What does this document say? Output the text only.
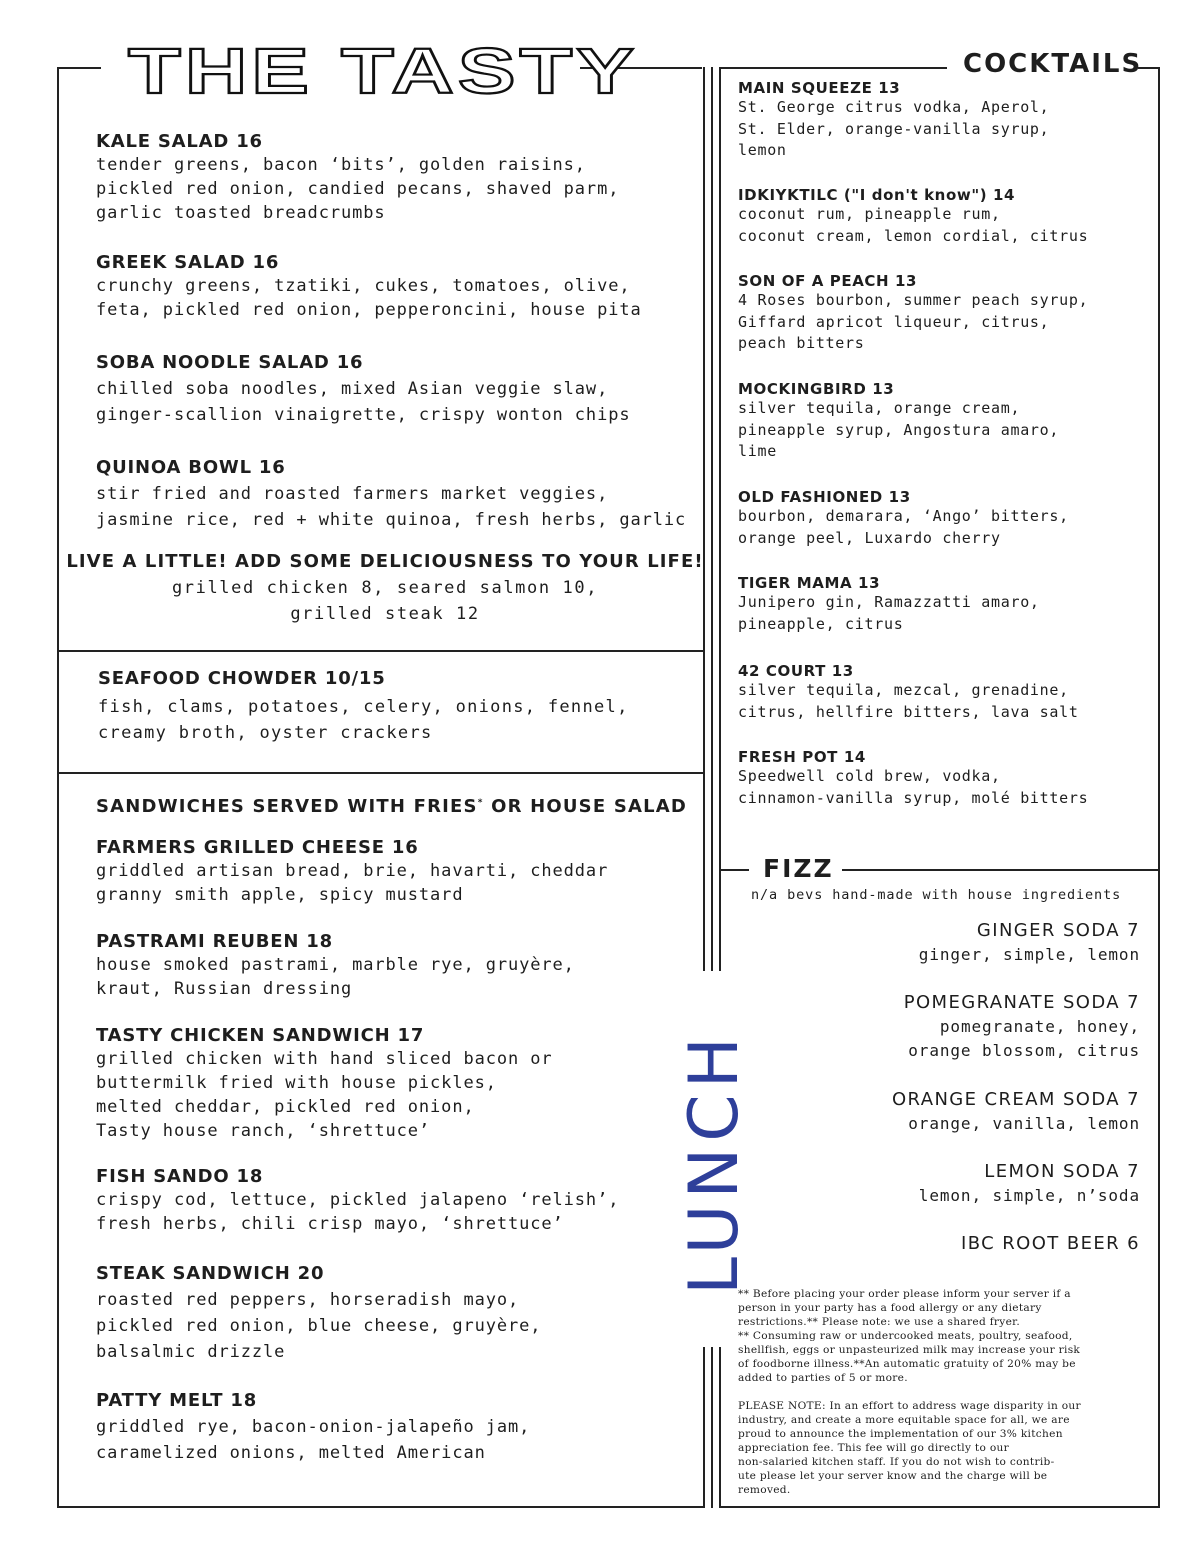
THE TASTY
KALE SALAD 16
tender greens, bacon ‘bits’, golden raisins,
pickled red onion, candied pecans, shaved parm,
garlic toasted breadcrumbs
GREEK SALAD 16
crunchy greens, tzatiki, cukes, tomatoes, olive,
feta, pickled red onion, pepperoncini, house pita
SOBA NOODLE SALAD 16
chilled soba noodles, mixed Asian veggie slaw,
ginger-scallion vinaigrette, crispy wonton chips
QUINOA BOWL 16
stir fried and roasted farmers market veggies,
jasmine rice, red + white quinoa, fresh herbs, garlic
LIVE A LITTLE! ADD SOME DELICIOUSNESS TO YOUR LIFE!
grilled chicken 8, seared salmon 10,
grilled steak 12
SEAFOOD CHOWDER 10/15
fish, clams, potatoes, celery, onions, fennel,
creamy broth, oyster crackers
SANDWICHES SERVED WITH FRIES* OR HOUSE SALAD
FARMERS GRILLED CHEESE 16
griddled artisan bread, brie, havarti, cheddar
granny smith apple, spicy mustard
PASTRAMI REUBEN 18
house smoked pastrami, marble rye, gruyère,
kraut, Russian dressing
TASTY CHICKEN SANDWICH 17
grilled chicken with hand sliced bacon or
buttermilk fried with house pickles,
melted cheddar, pickled red onion,
Tasty house ranch, ‘shrettuce’
FISH SANDO 18
crispy cod, lettuce, pickled jalapeno ‘relish’,
fresh herbs, chili crisp mayo, ‘shrettuce’
STEAK SANDWICH 20
roasted red peppers, horseradish mayo,
pickled red onion, blue cheese, gruyère,
balsalmic drizzle
PATTY MELT 18
griddled rye, bacon-onion-jalapeño jam,
caramelized onions, melted American
LUNCH
COCKTAILS
MAIN SQUEEZE 13
St. George citrus vodka, Aperol,
St. Elder, orange-vanilla syrup,
lemon
IDKIYKTILC ("I don't know") 14
coconut rum, pineapple rum,
coconut cream, lemon cordial, citrus
SON OF A PEACH 13
4 Roses bourbon, summer peach syrup,
Giffard apricot liqueur, citrus,
peach bitters
MOCKINGBIRD 13
silver tequila, orange cream,
pineapple syrup, Angostura amaro,
lime
OLD FASHIONED 13
bourbon, demarara, ‘Ango’ bitters,
orange peel, Luxardo cherry
TIGER MAMA 13
Junipero gin, Ramazzatti amaro,
pineapple, citrus
42 COURT 13
silver tequila, mezcal, grenadine,
citrus, hellfire bitters, lava salt
FRESH POT 14
Speedwell cold brew, vodka,
cinnamon-vanilla syrup, molé bitters
FIZZ
n/a bevs hand-made with house ingredients
GINGER SODA 7
ginger, simple, lemon
POMEGRANATE SODA 7
pomegranate, honey,
orange blossom, citrus
ORANGE CREAM SODA 7
orange, vanilla, lemon
LEMON SODA 7
lemon, simple, n’soda
IBC ROOT BEER 6
** Before placing your order please inform your server if a
person in your party has a food allergy or any dietary
restrictions.** Please note: we use a shared fryer.
** Consuming raw or undercooked meats, poultry, seafood,
shellfish, eggs or unpasteurized milk may increase your risk
of foodborne illness.**An automatic gratuity of 20% may be
added to parties of 5 or more.
PLEASE NOTE: In an effort to address wage disparity in our
industry, and create a more equitable space for all, we are
proud to announce the implementation of our 3% kitchen
appreciation fee. This fee will go directly to our
non-salaried kitchen staff. If you do not wish to contrib-
ute please let your server know and the charge will be
removed.
